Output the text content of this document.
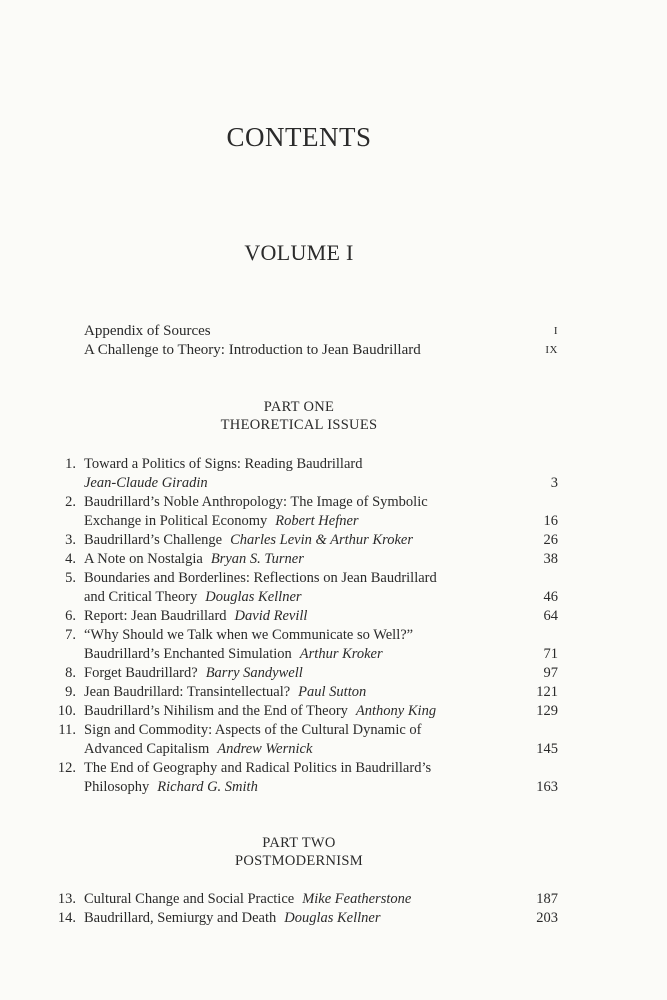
CONTENTS
VOLUME I
Appendix of Sources	I
A Challenge to Theory: Introduction to Jean Baudrillard	IX
PART ONE
THEORETICAL ISSUES
1. Toward a Politics of Signs: Reading Baudrillard
Jean-Claude Giradin	3
2. Baudrillard’s Noble Anthropology: The Image of Symbolic
Exchange in Political Economy Robert Hefner	16
3. Baudrillard’s Challenge Charles Levin & Arthur Kroker	26
4. A Note on Nostalgia Bryan S. Turner	38
5. Boundaries and Borderlines: Reflections on Jean Baudrillard
and Critical Theory Douglas Kellner	46
6. Report: Jean Baudrillard David Revill	64
7. “Why Should we Talk when we Communicate so Well?”
Baudrillard’s Enchanted Simulation Arthur Kroker	71
8. Forget Baudrillard? Barry Sandywell	97
9. Jean Baudrillard: Transintellectual? Paul Sutton	121
10. Baudrillard’s Nihilism and the End of Theory Anthony King	129
11. Sign and Commodity: Aspects of the Cultural Dynamic of
Advanced Capitalism Andrew Wernick	145
12. The End of Geography and Radical Politics in Baudrillard’s
Philosophy Richard G. Smith	163
PART TWO
POSTMODERNISM
13. Cultural Change and Social Practice Mike Featherstone	187
14. Baudrillard, Semiurgy and Death Douglas Kellner	203
